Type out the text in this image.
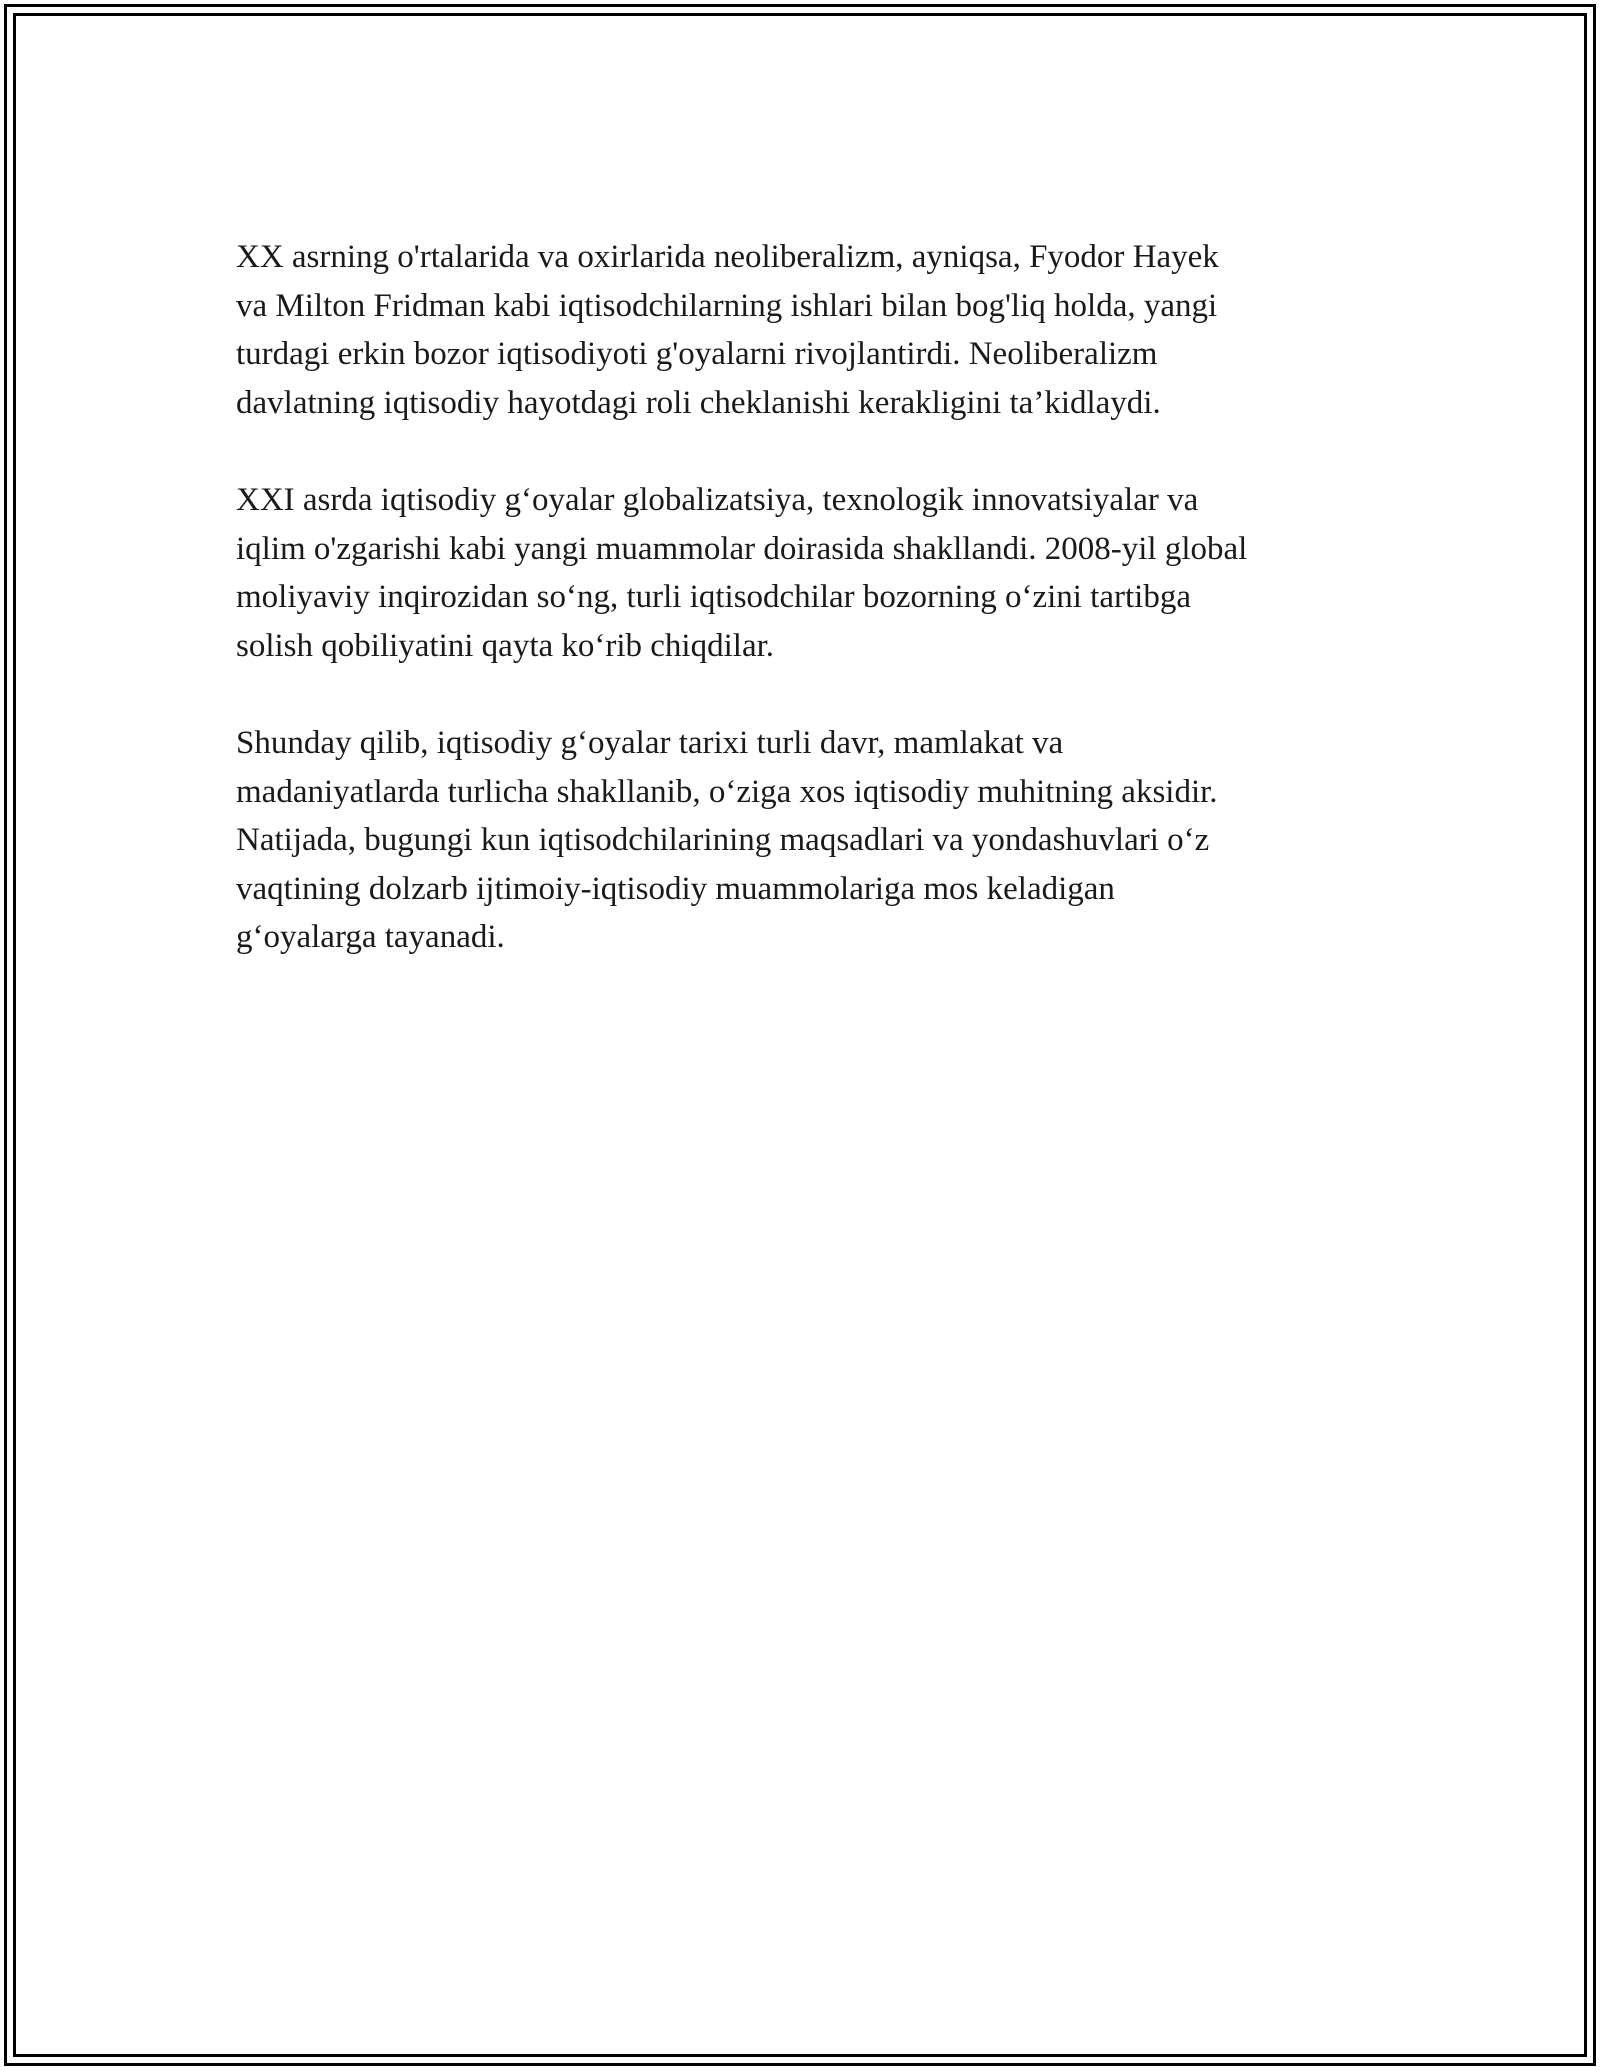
XX asrning o'rtalarida va oxirlarida neoliberalizm, ayniqsa, Fyodor Hayek
va Milton Fridman kabi iqtisodchilarning ishlari bilan bog'liq holda, yangi
turdagi erkin bozor iqtisodiyoti g'oyalarni rivojlantirdi. Neoliberalizm
davlatning iqtisodiy hayotdagi roli cheklanishi kerakligini ta’kidlaydi.

XXI asrda iqtisodiy g‘oyalar globalizatsiya, texnologik innovatsiyalar va
iqlim o'zgarishi kabi yangi muammolar doirasida shakllandi. 2008-yil global
moliyaviy inqirozidan so‘ng, turli iqtisodchilar bozorning o‘zini tartibga
solish qobiliyatini qayta ko‘rib chiqdilar.

Shunday qilib, iqtisodiy g‘oyalar tarixi turli davr, mamlakat va
madaniyatlarda turlicha shakllanib, o‘ziga xos iqtisodiy muhitning aksidir.
Natijada, bugungi kun iqtisodchilarining maqsadlari va yondashuvlari o‘z
vaqtining dolzarb ijtimoiy-iqtisodiy muammolariga mos keladigan
g‘oyalarga tayanadi.
